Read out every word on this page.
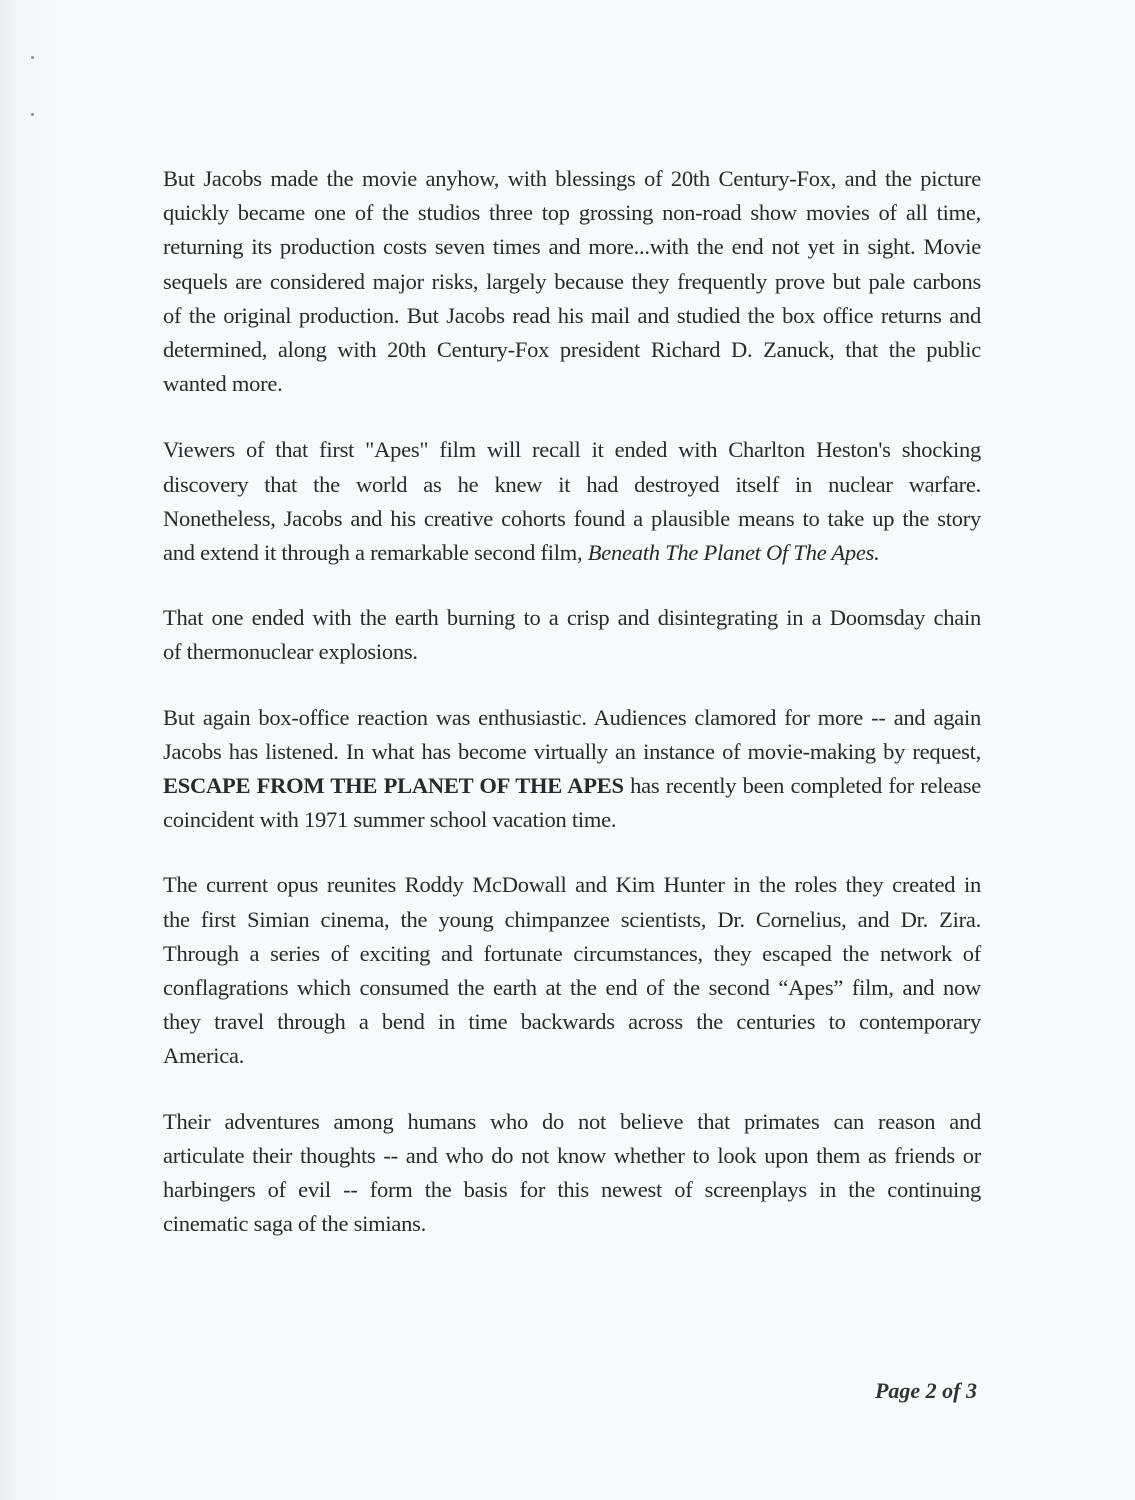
But Jacobs made the movie anyhow, with blessings of 20th Century-Fox, and the picture
quickly became one of the studios three top grossing non-road show movies of all time,
returning its production costs seven times and more...with the end not yet in sight. Movie
sequels are considered major risks, largely because they frequently prove but pale carbons
of the original production. But Jacobs read his mail and studied the box office returns and
determined, along with 20th Century-Fox president Richard D. Zanuck, that the public
wanted more.

Viewers of that first "Apes" film will recall it ended with Charlton Heston's shocking
discovery that the world as he knew it had destroyed itself in nuclear warfare.
Nonetheless, Jacobs and his creative cohorts found a plausible means to take up the story
and extend it through a remarkable second film, Beneath The Planet Of The Apes.

That one ended with the earth burning to a crisp and disintegrating in a Doomsday chain
of thermonuclear explosions.

But again box-office reaction was enthusiastic. Audiences clamored for more -- and again
Jacobs has listened. In what has become virtually an instance of movie-making by request,
ESCAPE FROM THE PLANET OF THE APES has recently been completed for release
coincident with 1971 summer school vacation time.

The current opus reunites Roddy McDowall and Kim Hunter in the roles they created in
the first Simian cinema, the young chimpanzee scientists, Dr. Cornelius, and Dr. Zira.
Through a series of exciting and fortunate circumstances, they escaped the network of
conflagrations which consumed the earth at the end of the second “Apes” film, and now
they travel through a bend in time backwards across the centuries to contemporary
America.

Their adventures among humans who do not believe that primates can reason and
articulate their thoughts -- and who do not know whether to look upon them as friends or
harbingers of evil -- form the basis for this newest of screenplays in the continuing
cinematic saga of the simians.

Page 2 of 3
